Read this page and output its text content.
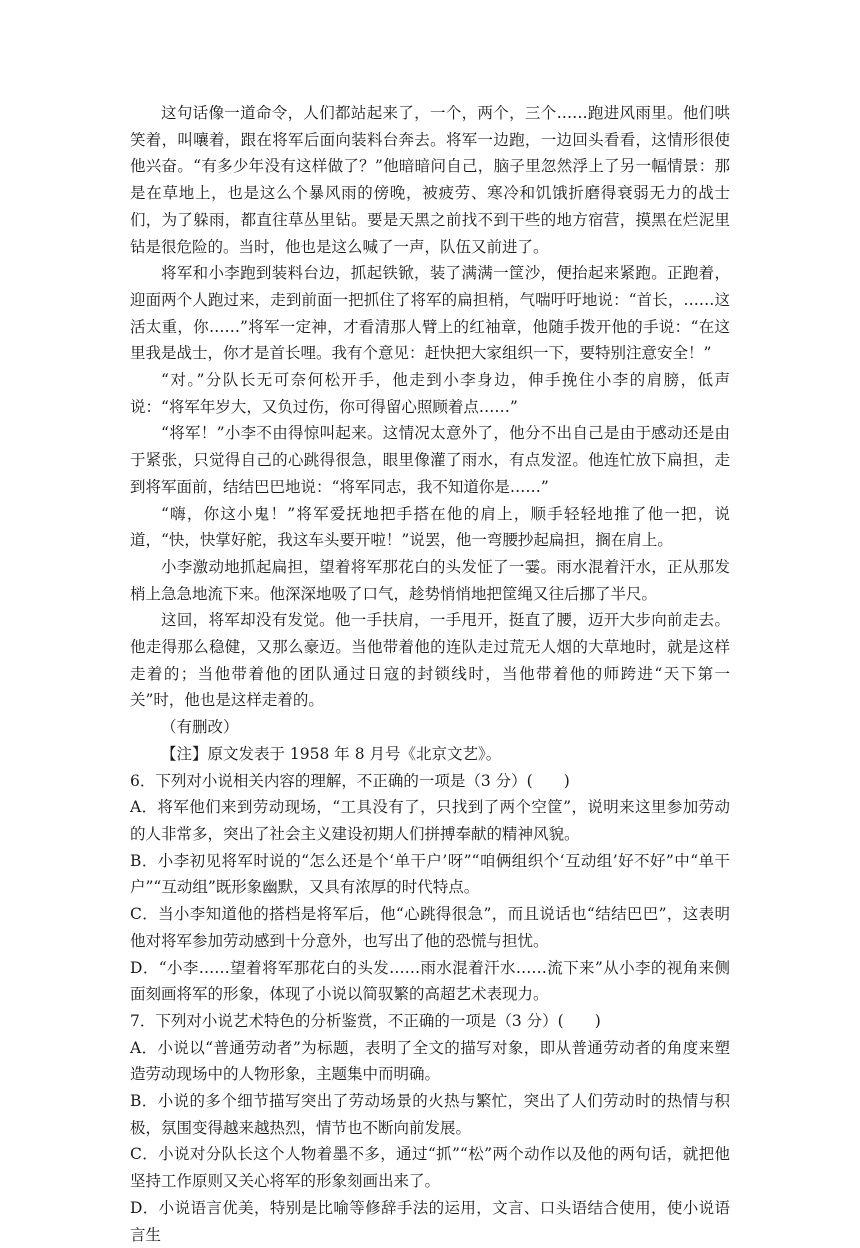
这句话像一道命令，人们都站起来了，一个，两个，三个……跑进风雨里。他们哄笑着，叫嚷着，跟在将军后面向装料台奔去。将军一边跑，一边回头看看，这情形很使他兴奋。“有多少年没有这样做了？”他暗暗问自己，脑子里忽然浮上了另一幅情景：那是在草地上，也是这么个暴风雨的傍晚，被疲劳、寒冷和饥饿折磨得衰弱无力的战士们，为了躲雨，都直往草丛里钻。要是天黑之前找不到干些的地方宿营，摸黑在烂泥里钻是很危险的。当时，他也是这么喊了一声，队伍又前进了。

将军和小李跑到装料台边，抓起铁锨，装了满满一筐沙，便抬起来紧跑。正跑着，迎面两个人跑过来，走到前面一把抓住了将军的扁担梢，气喘吁吁地说：“首长，……这活太重，你……”将军一定神，才看清那人臂上的红袖章，他随手拨开他的手说：“在这里我是战士，你才是首长哩。我有个意见：赶快把大家组织一下，要特别注意安全！”

“对。”分队长无可奈何松开手，他走到小李身边，伸手挽住小李的肩膀，低声说：“将军年岁大，又负过伤，你可得留心照顾着点……”

“将军！”小李不由得惊叫起来。这情况太意外了，他分不出自己是由于感动还是由于紧张，只觉得自己的心跳得很急，眼里像灌了雨水，有点发涩。他连忙放下扁担，走到将军面前，结结巴巴地说：“将军同志，我不知道你是……”

“嗨，你这小鬼！”将军爱抚地把手搭在他的肩上，顺手轻轻地推了他一把，说道，“快，快掌好舵，我这车头要开啦！”说罢，他一弯腰抄起扁担，搁在肩上。

小李激动地抓起扁担，望着将军那花白的头发怔了一霎。雨水混着汗水，正从那发梢上急急地流下来。他深深地吸了口气，趁势悄悄地把筐绳又往后挪了半尺。

这回，将军却没有发觉。他一手扶肩，一手甩开，挺直了腰，迈开大步向前走去。他走得那么稳健，又那么豪迈。当他带着他的连队走过荒无人烟的大草地时，就是这样走着的；当他带着他的团队通过日寇的封锁线时，当他带着他的师跨进“天下第一关”时，他也是这样走着的。

（有删改）

【注】原文发表于 1958 年 8 月号《北京文艺》。

6．下列对小说相关内容的理解，不正确的一项是（3 分）(　　)

A．将军他们来到劳动现场，“工具没有了，只找到了两个空筐”，说明来这里参加劳动的人非常多，突出了社会主义建设初期人们拼搏奉献的精神风貌。

B．小李初见将军时说的“怎么还是个‘单干户’呀”“咱俩组织个‘互动组’好不好”中“单干户”“互动组”既形象幽默，又具有浓厚的时代特点。

C．当小李知道他的搭档是将军后，他“心跳得很急”，而且说话也“结结巴巴”，这表明他对将军参加劳动感到十分意外，也写出了他的恐慌与担忧。

D．“小李……望着将军那花白的头发……雨水混着汗水……流下来”从小李的视角来侧面刻画将军的形象，体现了小说以简驭繁的高超艺术表现力。

7．下列对小说艺术特色的分析鉴赏，不正确的一项是（3 分）(　　)

A．小说以“普通劳动者”为标题，表明了全文的描写对象，即从普通劳动者的角度来塑造劳动现场中的人物形象，主题集中而明确。

B．小说的多个细节描写突出了劳动场景的火热与繁忙，突出了人们劳动时的热情与积极，氛围变得越来越热烈，情节也不断向前发展。

C．小说对分队长这个人物着墨不多，通过“抓”“松”两个动作以及他的两句话，就把他坚持工作原则又关心将军的形象刻画出来了。

D．小说语言优美，特别是比喻等修辞手法的运用，文言、口头语结合使用，使小说语言生
